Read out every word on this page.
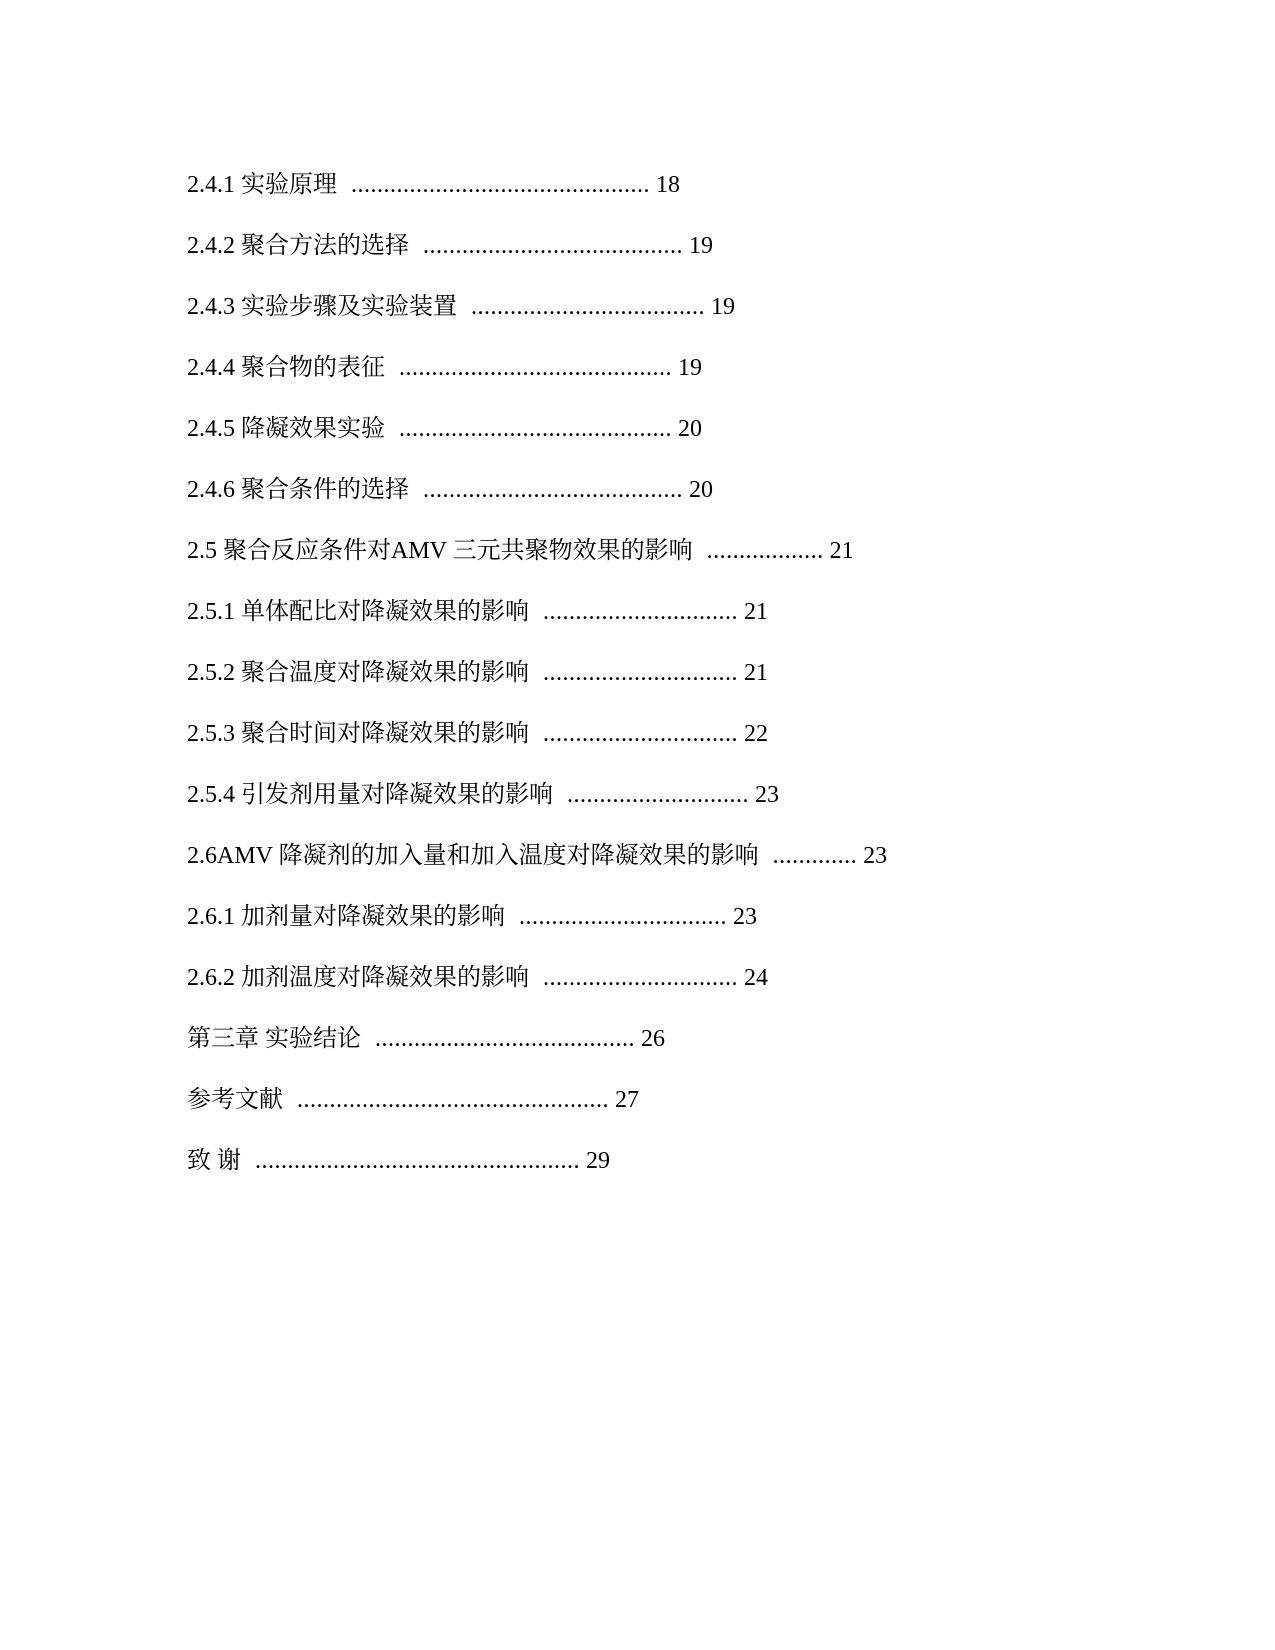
2.4.1 实验原理 .............................................. 18
2.4.2 聚合方法的选择 ........................................ 19
2.4.3 实验步骤及实验装置 .................................... 19
2.4.4 聚合物的表征 .......................................... 19
2.4.5 降凝效果实验 .......................................... 20
2.4.6 聚合条件的选择 ........................................ 20
2.5 聚合反应条件对AMV 三元共聚物效果的影响 .................. 21
2.5.1 单体配比对降凝效果的影响 .............................. 21
2.5.2 聚合温度对降凝效果的影响 .............................. 21
2.5.3 聚合时间对降凝效果的影响 .............................. 22
2.5.4 引发剂用量对降凝效果的影响 ............................ 23
2.6AMV 降凝剂的加入量和加入温度对降凝效果的影响 ............. 23
2.6.1 加剂量对降凝效果的影响 ................................ 23
2.6.2 加剂温度对降凝效果的影响 .............................. 24
第三章 实验结论 ........................................ 26
参考文献 ................................................ 27
致 谢 .................................................. 29
